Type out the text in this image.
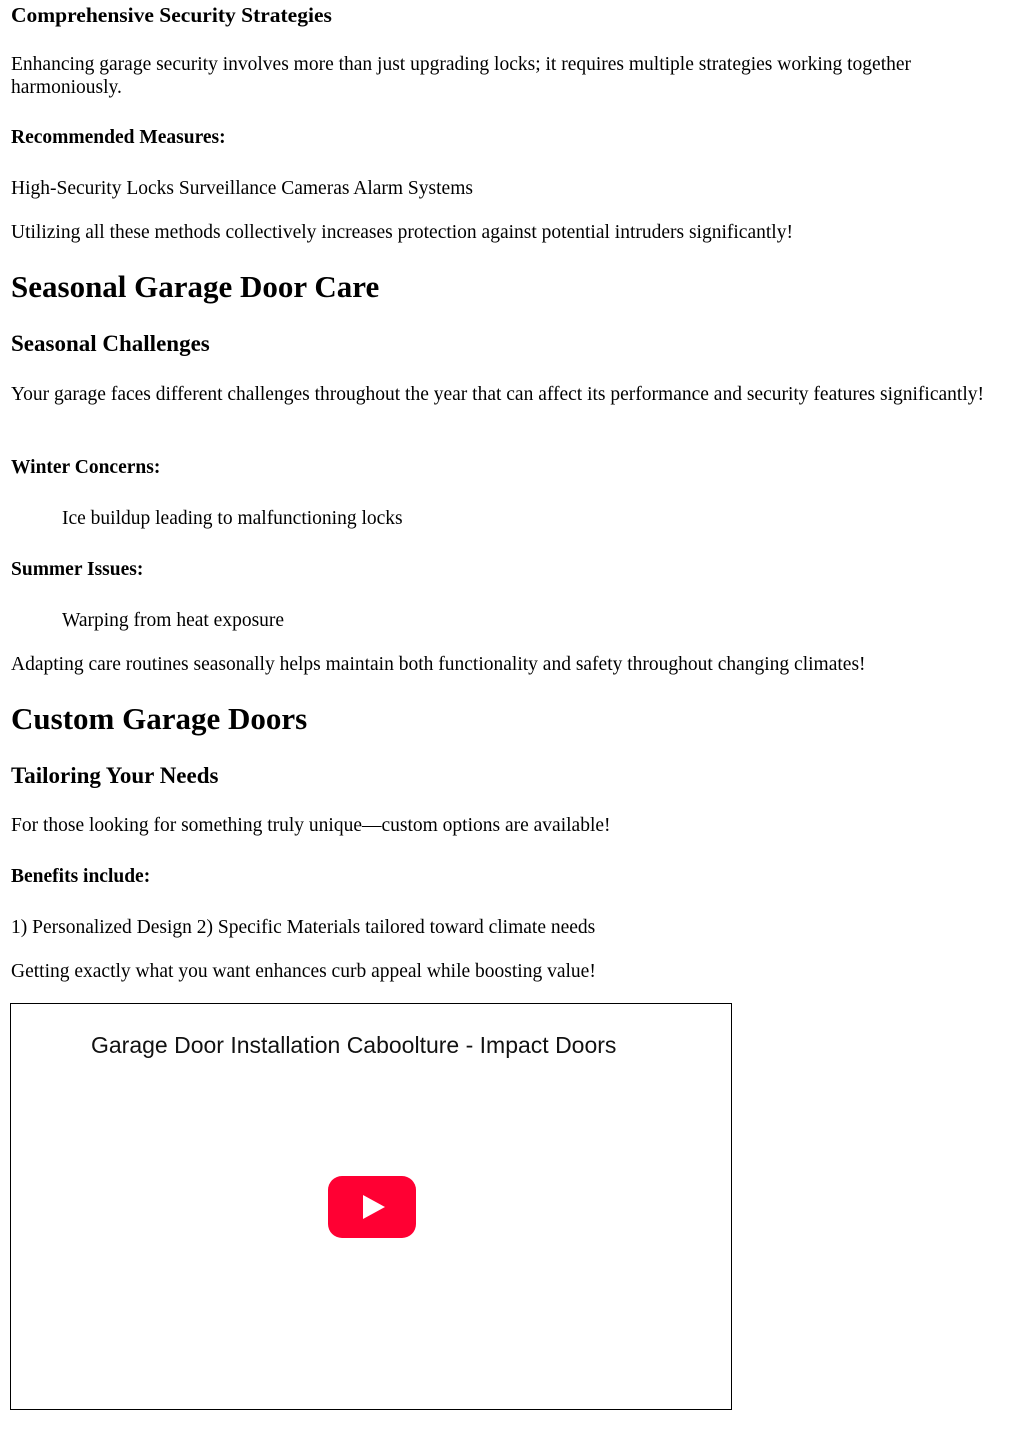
Comprehensive Security Strategies

Enhancing garage security involves more than just upgrading locks; it requires multiple strategies working together harmoniously.

Recommended Measures:

High-Security Locks Surveillance Cameras Alarm Systems

Utilizing all these methods collectively increases protection against potential intruders significantly!

Seasonal Garage Door Care
Seasonal Challenges

Your garage faces different challenges throughout the year that can affect its performance and security features significantly!

Winter Concerns:

Ice buildup leading to malfunctioning locks

Summer Issues:

Warping from heat exposure

Adapting care routines seasonally helps maintain both functionality and safety throughout changing climates!

Custom Garage Doors
Tailoring Your Needs

For those looking for something truly unique—custom options are available!

Benefits include:

1) Personalized Design 2) Specific Materials tailored toward climate needs

Getting exactly what you want enhances curb appeal while boosting value!

Garage Door Installation Caboolture - Impact Doors
